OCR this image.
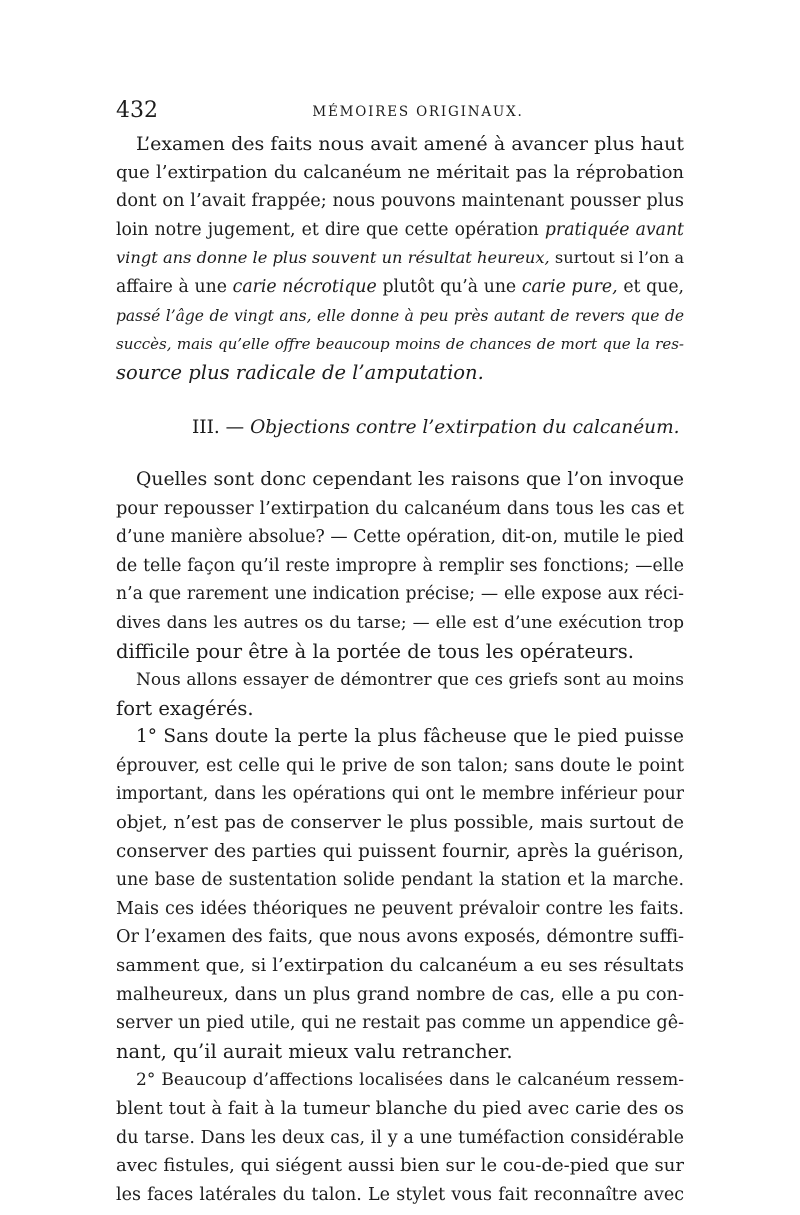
432	MÉMOIRES ORIGINAUX.
L’examen des faits nous avait amené à avancer plus haut
que l’extirpation du calcanéum ne méritait pas la réprobation
dont on l’avait frappée; nous pouvons maintenant pousser plus
loin notre jugement, et dire que cette opération pratiquée avant
vingt ans donne le plus souvent un résultat heureux, surtout si l’on a
affaire à une carie nécrotique plutôt qu’à une carie pure, et que,
passé l’âge de vingt ans, elle donne à peu près autant de revers que de
succès, mais qu’elle offre beaucoup moins de chances de mort que la res-
source plus radicale de l’amputation.
III. — Objections contre l’extirpation du calcanéum.
Quelles sont donc cependant les raisons que l’on invoque
pour repousser l’extirpation du calcanéum dans tous les cas et
d’une manière absolue? — Cette opération, dit-on, mutile le pied
de telle façon qu’il reste impropre à remplir ses fonctions; —elle
n’a que rarement une indication précise; — elle expose aux réci-
dives dans les autres os du tarse; — elle est d’une exécution trop
difficile pour être à la portée de tous les opérateurs.
Nous allons essayer de démontrer que ces griefs sont au moins
fort exagérés.
1° Sans doute la perte la plus fâcheuse que le pied puisse
éprouver, est celle qui le prive de son talon; sans doute le point
important, dans les opérations qui ont le membre inférieur pour
objet, n’est pas de conserver le plus possible, mais surtout de
conserver des parties qui puissent fournir, après la guérison,
une base de sustentation solide pendant la station et la marche.
Mais ces idées théoriques ne peuvent prévaloir contre les faits.
Or l’examen des faits, que nous avons exposés, démontre suffi-
samment que, si l’extirpation du calcanéum a eu ses résultats
malheureux, dans un plus grand nombre de cas, elle a pu con-
server un pied utile, qui ne restait pas comme un appendice gê-
nant, qu’il aurait mieux valu retrancher.
2° Beaucoup d’affections localisées dans le calcanéum ressem-
blent tout à fait à la tumeur blanche du pied avec carie des os
du tarse. Dans les deux cas, il y a une tuméfaction considérable
avec fistules, qui siégent aussi bien sur le cou-de-pied que sur
les faces latérales du talon. Le stylet vous fait reconnaître avec
